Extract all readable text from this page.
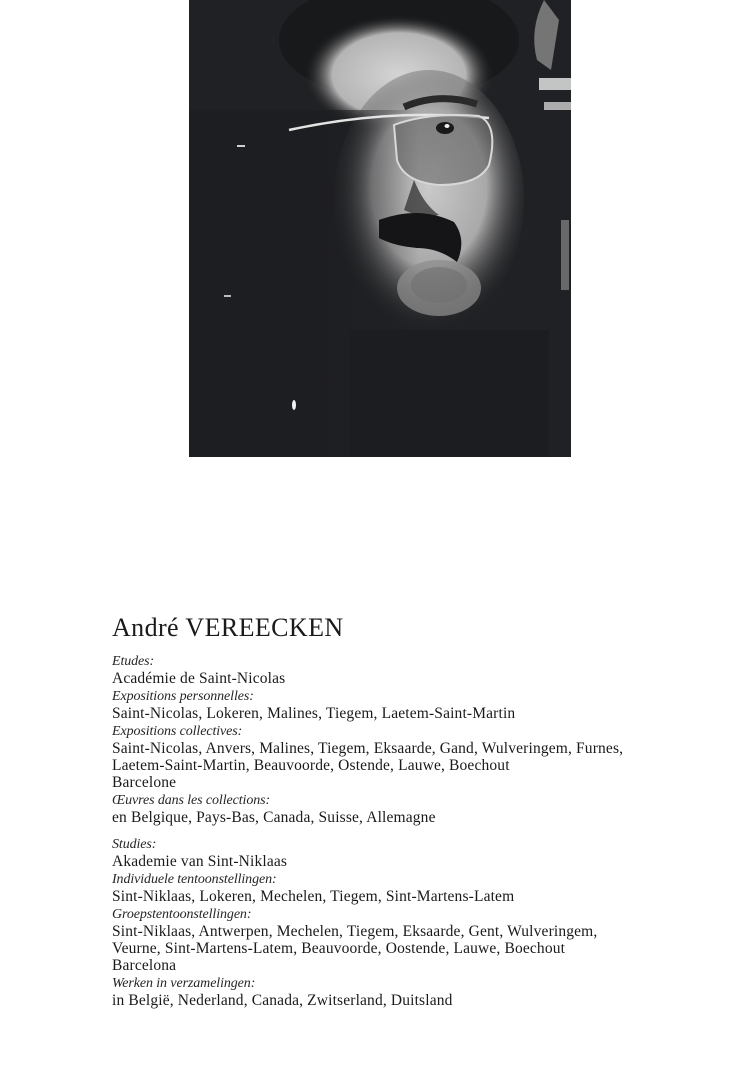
André VEREECKEN
Etudes:
Académie de Saint-Nicolas
Expositions personnelles:
Saint-Nicolas, Lokeren, Malines, Tiegem, Laetem-Saint-Martin
Expositions collectives:
Saint-Nicolas, Anvers, Malines, Tiegem, Eksaarde, Gand, Wulveringem, Furnes,
Laetem-Saint-Martin, Beauvoorde, Ostende, Lauwe, Boechout
Barcelone
Œuvres dans les collections:
en Belgique, Pays-Bas, Canada, Suisse, Allemagne
Studies:
Akademie van Sint-Niklaas
Individuele tentoonstellingen:
Sint-Niklaas, Lokeren, Mechelen, Tiegem, Sint-Martens-Latem
Groepstentoonstellingen:
Sint-Niklaas, Antwerpen, Mechelen, Tiegem, Eksaarde, Gent, Wulveringem,
Veurne, Sint-Martens-Latem, Beauvoorde, Oostende, Lauwe, Boechout
Barcelona
Werken in verzamelingen:
in België, Nederland, Canada, Zwitserland, Duitsland
